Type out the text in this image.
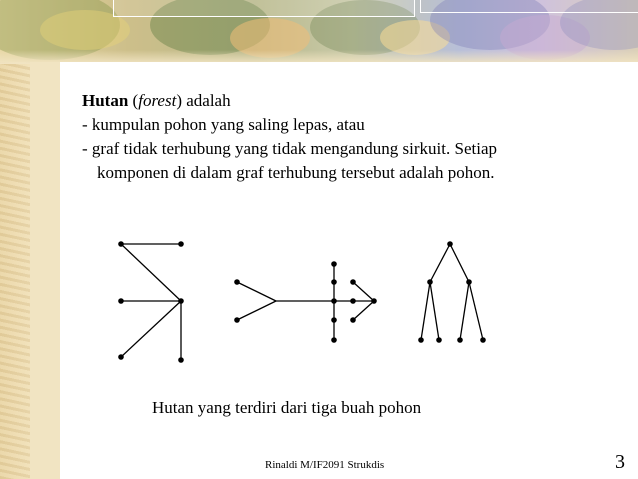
Hutan (forest) adalah
- kumpulan pohon yang saling lepas, atau
- graf tidak terhubung yang tidak mengandung sirkuit. Setiap
komponen di dalam graf terhubung tersebut adalah pohon.
Hutan yang terdiri dari tiga buah pohon
Rinaldi M/IF2091 Strukdis	3
